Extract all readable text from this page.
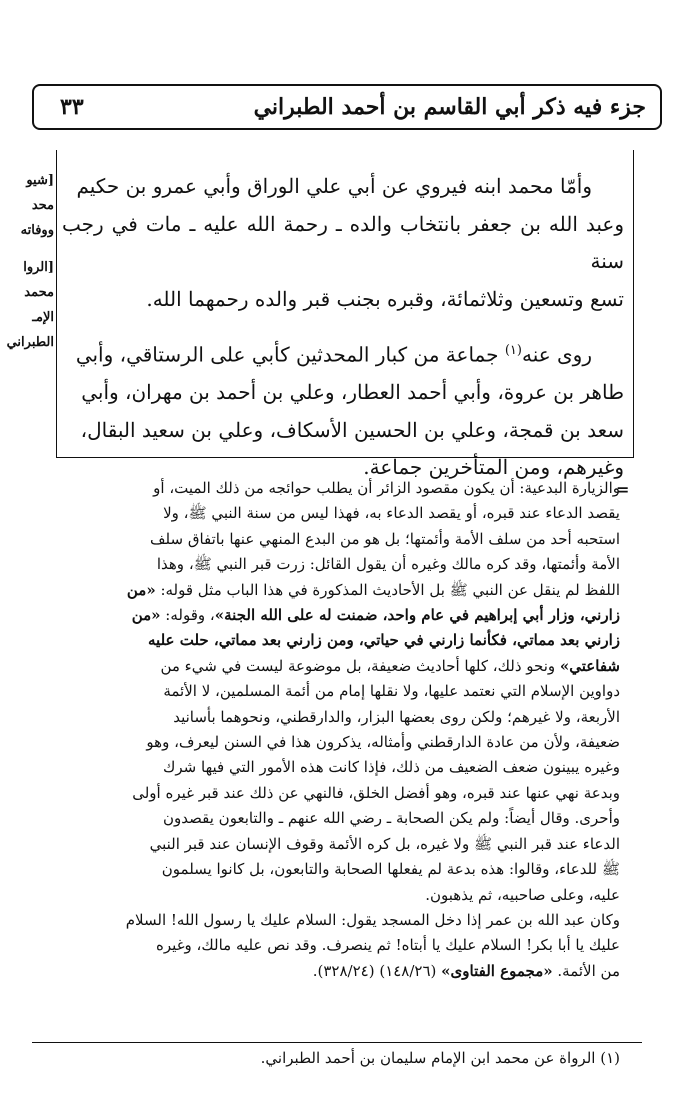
جزء فيه ذكر أبي القاسم بن أحمد الطبراني
٣٣
[شيو
محد
ووفاته
[الروا
محمد
الإمـ
الطبراني

وأمّا محمد ابنه فيروي عن أبي علي الوراق وأبي عمرو بن حكيم

وعبد الله بن جعفر بانتخاب والده ـ رحمة الله عليه ـ مات في رجب سنة

تسع وتسعين وثلاثمائة، وقبره بجنب قبر والده رحمهما الله.

روى عنه$^{(١)}$ جماعة من كبار المحدثين كأبي على الرستاقي، وأبي

طاهر بن عروة، وأبي أحمد العطار، وعلي بن أحمد بن مهران، وأبي

سعد بن قمجة، وعلي بن الحسين الأسكاف، وعلي بن سعيد البقال،

وغيرهم، ومن المتأخرين جماعة.

=

والزيارة البدعية: أن يكون مقصود الزائر أن يطلب حوائجه من ذلك الميت، أو

يقصد الدعاء عند قبره، أو يقصد الدعاء به، فهذا ليس من سنة النبي ﷺ، ولا

استحبه أحد من سلف الأمة وأئمتها؛ بل هو من البدع المنهي عنها باتفاق سلف

الأمة وأئمتها، وقد كره مالك وغيره أن يقول القائل: زرت قبر النبي ﷺ، وهذا

اللفظ لم ينقل عن النبي ﷺ بل الأحاديث المذكورة في هذا الباب مثل قوله: «من

زارني، وزار أبي إبراهيم في عام واحد، ضمنت له على الله الجنة»، وقوله: «من

زارني بعد مماتي، فكأنما زارني في حياتي، ومن زارني بعد مماتي، حلت عليه

شفاعتي» ونحو ذلك، كلها أحاديث ضعيفة، بل موضوعة ليست في شيء من

دواوين الإسلام التي نعتمد عليها، ولا نقلها إمام من أئمة المسلمين، لا الأئمة

الأربعة، ولا غيرهم؛ ولكن روى بعضها البزار، والدارقطني، ونحوهما بأسانيد

ضعيفة، ولأن من عادة الدارقطني وأمثاله، يذكرون هذا في السنن ليعرف، وهو

وغيره يبينون ضعف الضعيف من ذلك، فإذا كانت هذه الأمور التي فيها شرك

وبدعة نهي عنها عند قبره، وهو أفضل الخلق، فالنهي عن ذلك عند قبر غيره أولى

وأحرى. وقال أيضاً: ولم يكن الصحابة ـ رضي الله عنهم ـ والتابعون يقصدون

الدعاء عند قبر النبي ﷺ ولا غيره، بل كره الأئمة وقوف الإنسان عند قبر النبي

ﷺ للدعاء، وقالوا: هذه بدعة لم يفعلها الصحابة والتابعون، بل كانوا يسلمون

عليه، وعلى صاحبيه، ثم يذهبون.

وكان عبد الله بن عمر إذا دخل المسجد يقول: السلام عليك يا رسول الله! السلام

عليك يا أبا بكر! السلام عليك يا أبتاه! ثم ينصرف. وقد نص عليه مالك، وغيره

من الأئمة. «مجموع الفتاوى» (١٤٨/٢٦) (٣٢٨/٢٤).

(١) الرواة عن محمد ابن الإمام سليمان بن أحمد الطبراني.
